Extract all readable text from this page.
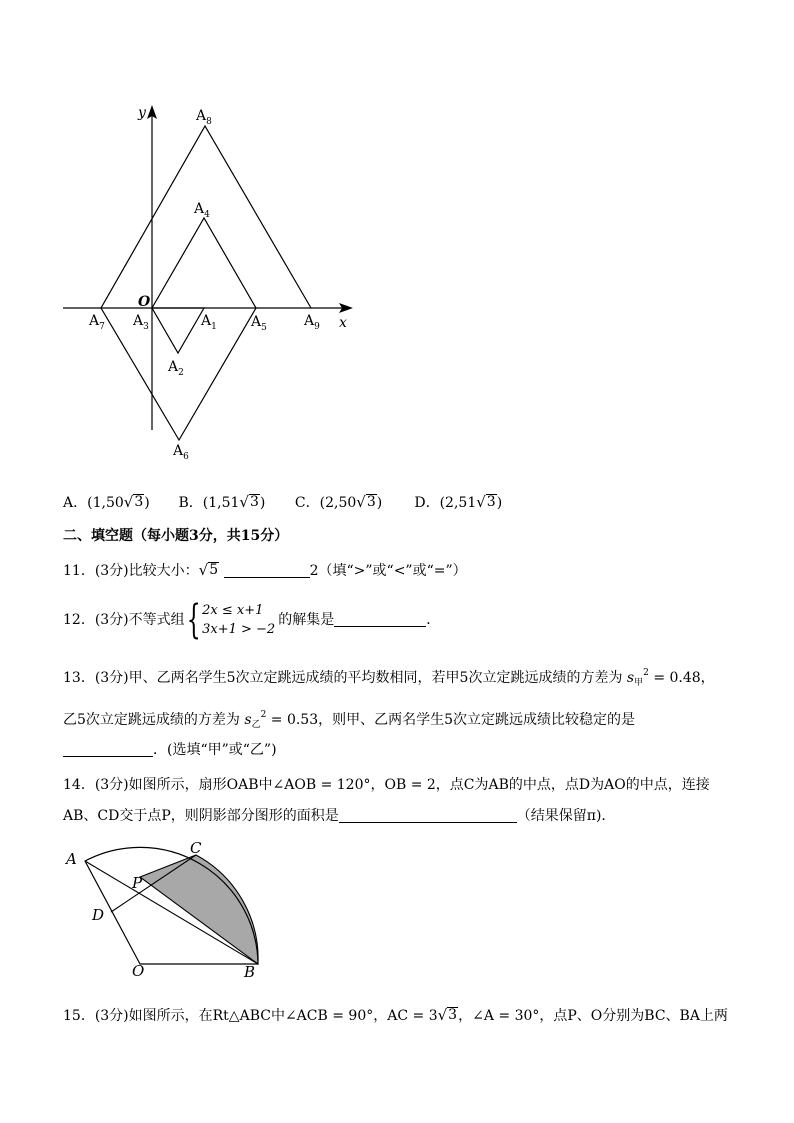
y
x
O
$A_1$
$A_2$
$A_3$
$A_4$
$A_5$
$A_6$
$A_7$
$A_8$
$A_9$
A．(1,50 √ 3 ) B．(1,51 √ 3 ) C．(2,50 √ 3 ) D．(2,51 √ 3 )
二、填空题（每小题3分，共15分）
11．(3分)比较大小： √ 5	2（填“>”或“<”或“=”）
12．(3分)不等式组{ 2x ≤ x+1
3x+1 > −2
的解集是	．
13．(3分)甲、乙两名学生5次立定跳远成绩的平均数相同，若甲5次立定跳远成绩的方差为 $s_甲^2 = 0.48$，
乙5次立定跳远成绩的方差为 $s_乙^2 = 0.53$，则甲、乙两名学生5次立定跳远成绩比较稳定的是
．(选填“甲”或“乙”)
14．(3分)如图所示，扇形OAB中∠AOB = 120°，OB = 2，点C为AB的中点，点D为AO的中点，连接
AB、CD交于点P，则阴影部分图形的面积是	（结果保留π)．
A
C
P
D
O	B
15．(3分)如图所示，在Rt△ABC中∠ACB = 90°，AC = 3 √ 3 ，∠A = 30°，点P、O分别为BC、BA上两
